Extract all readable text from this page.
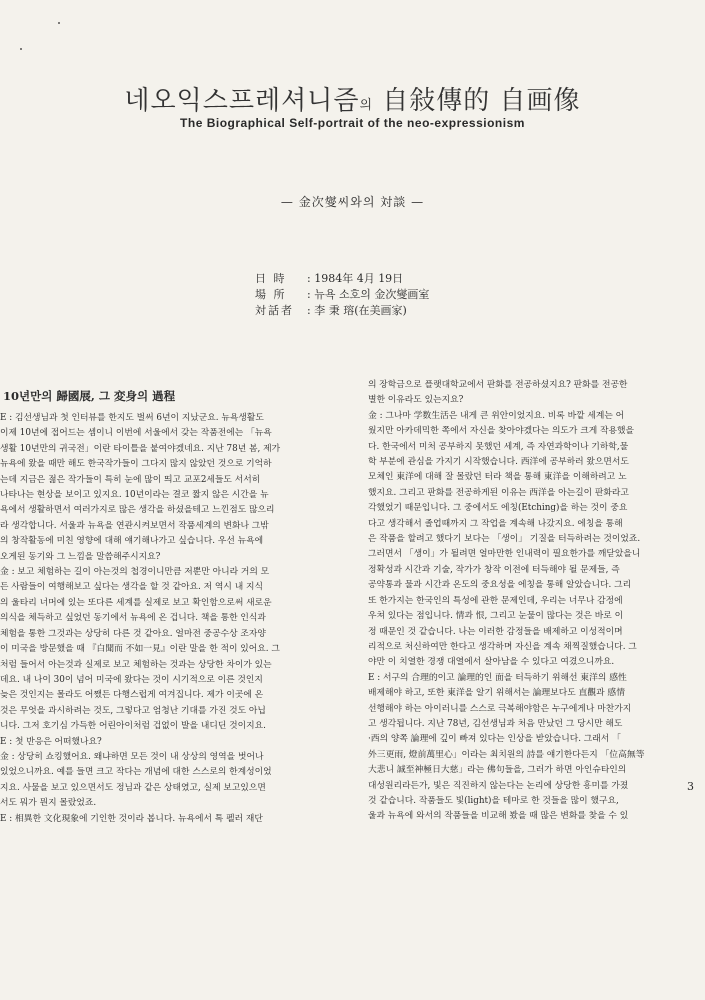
네오익스프레셔니즘의 自敍傳的 自画像
The Biographical Self-portrait of the neo-expressionism
— 金次燮씨와의 対談 —
日 時 : 1984年 4月 19日
場 所 : 뉴욕 소호의 金次燮画室
対話者 : 李 秉 瑢(在美画家)
10년만의 歸國展, 그 変身의 過程

E : 김선생님과 첫 인터뷰를 한지도 벌써 6년이 지났군요. 뉴욕생활도

이제 10년에 접어드는 셈이니 이번에 서울에서 갖는 작품전에는 「뉴욕

생활 10년만의 귀국전」이란 타이틀을 붙여야겠네요. 지난 78년 봄, 제가

뉴욕에 왔을 때만 해도 한국작가들이 그다지 많지 않았던 것으로 기억하

는데 지금은 젊은 작가들이 특히 눈에 많이 띄고 교포2세들도 서서히

나타나는 현상을 보이고 있지요. 10년이라는 결코 짧지 않은 시간을 뉴

욕에서 생활하면서 여러가지로 많은 생각을 하셨을테고 느낀점도 많으리

라 생각합니다. 서울과 뉴욕을 연관시켜보면서 작품세계의 변화나 그밖

의 창작활동에 미친 영향에 대해 얘기해나가고 싶습니다. 우선 뉴욕에

오게된 동기와 그 느낌을 말씀해주시지요?

金 : 보고 체험하는 길이 아는것의 첩경이니만큼 저뿐만 아니라 거의 모

든 사람들이 여행해보고 싶다는 생각을 할 것 같아요. 저 역시 내 지식

의 울타리 너머에 있는 또다른 세계를 실제로 보고 확인함으로써 새로운

의식을 체득하고 싶었던 동기에서 뉴욕에 온 겁니다. 책을 통한 인식과

체험을 통한 그것과는 상당히 다른 것 같아요. 얼마전 중공수상 조자양

이 미국을 방문했을 때 『白聞而 不如一見』이란 말을 한 적이 있어요. 그

처럼 들어서 아는것과 실제로 보고 체험하는 것과는 상당한 차이가 있는

데요. 내 나이 30이 넘어 미국에 왔다는 것이 시기적으로 이른 것인지

늦은 것인지는 몰라도 어쨌든 다행스럽게 여겨집니다. 제가 이곳에 온

것은 무엇을 과시하려는 것도, 그렇다고 엄청난 기대를 가진 것도 아닙

니다. 그저 호기심 가득한 어린아이처럼 겁없이 발을 내디딘 것이지요.

E : 첫 반응은 어떠했나요?

金 : 상당히 쇼킹했어요. 왜냐하면 모든 것이 내 상상의 영역을 벗어나

있었으니까요. 예를 들면 크고 작다는 개념에 대한 스스로의 한계성이었

지요. 사물을 보고 있으면서도 정님과 같은 상태였고, 실제 보고있으면

서도 뭐가 뭔지 몰랐었죠.

E : 相異한 文化現象에 기인한 것이라 봅니다. 뉴욕에서 톡 펠러 재단

의 장학금으로 플랫대학교에서 판화를 전공하셨지요? 판화를 전공한

별한 이유라도 있는지요?

金 : 그나마 学数生活은 내게 큰 위안이었지요. 비록 바깥 세계는 어

웠지만 아카데믹한 쪽에서 자신을 찾아야겠다는 의도가 크게 작용했을

다. 한국에서 미처 공부하지 못했던 세계, 즉 자연과학이나 기하학,물

학 부분에 관심을 가지기 시작했습니다. 西洋에 공부하러 왔으면서도

모체인 東洋에 대해 잘 몰랐던 터라 책을 통해 東洋을 이해하려고 노

했지요. 그리고 판화를 전공하게된 이유는 西洋을 아는길이 판화라고

각했었기 때문입니다. 그 중에서도 에칭(Etching)을 하는 것이 중요

다고 생각해서 졸업때까지 그 작업을 계속해 나갔지요. 에칭을 통해

은 작품을 할려고 했다기 보다는 「생이」 기질을 터득하려는 것이었죠.

그러면서 「생이」가 될려면 얼마만한 인내력이 필요한가를 깨닫았을니

정확성과 시간과 기술, 작가가 창작 이전에 터득해야 될 문제들, 즉

공약통과 물과 시간과 온도의 중요성을 에칭을 통해 알았습니다. 그리

또 한가지는 한국인의 특성에 관한 문제인데, 우리는 너무나 감정에

우쳐 있다는 점입니다. 情과 恨, 그리고 눈물이 많다는 것은 바로 이

정 때문인 것 같습니다. 나는 이러한 감정들을 배제하고 이성적이며

리적으로 처신하여만 한다고 생각하며 자신을 계속 채찍질했습니다. 그

야만 이 치열한 경쟁 대열에서 살아남을 수 있다고 여겼으니까요.

E : 서구의 合理的이고 論理的인 面을 터득하기 위해선 東洋의 感性

배제해야 하고, 또한 東洋을 알기 위해서는 論理보다도 直觀과 感情

선행해야 하는 아이러니를 스스로 극복해야함은 누구에게나 마찬가지

고 생각됩니다. 지난 78년, 김선생님과 처음 만났던 그 당시만 해도

·西의 양쪽 論理에 깊이 빠져 있다는 인상을 받았습니다. 그래서 「

外三更雨, 燈前萬里心」이라는 최치원의 詩를 얘기한다든지 「位高無等

大悲니 誠至神極日大慈」라는 佛句들을, 그러가 하면 아인슈타인의

대성원리라든가, 빛은 직진하지 않는다는 논리에 상당한 흥미를 가졌

것 같습니다. 작품들도 빛(light)을 테마로 한 것들을 많이 했구요,

울과 뉴욕에 와서의 작품들을 비교해 봤을 때 많은 변화를 찾을 수 있

3
